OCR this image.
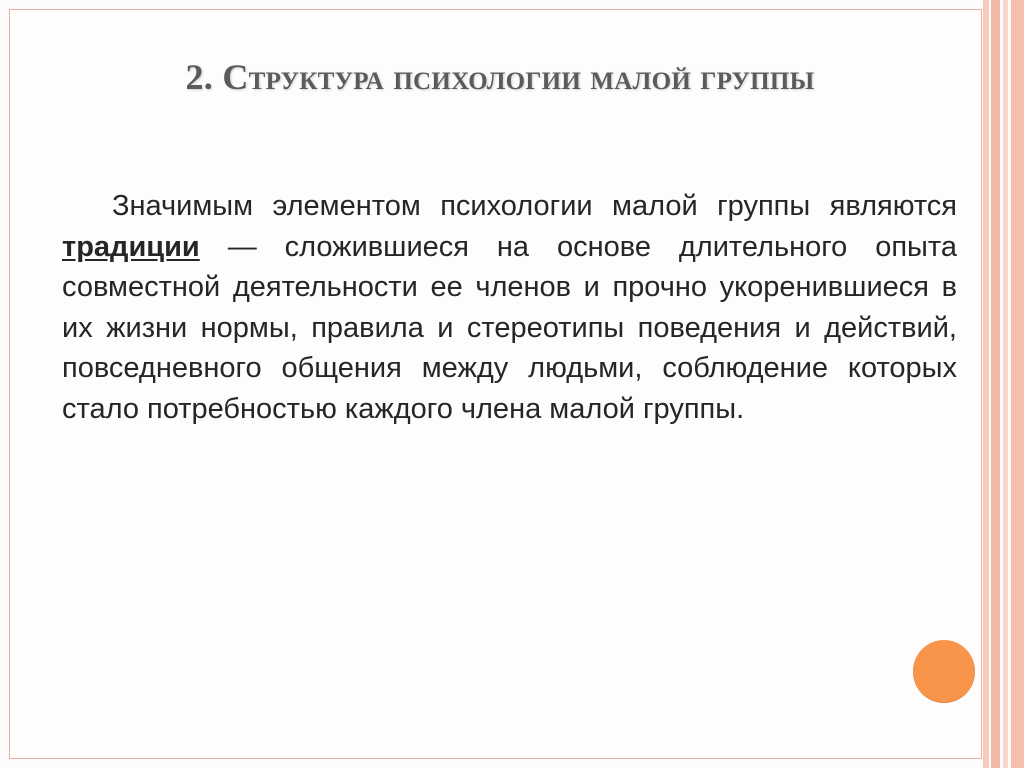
2. Структура психологии малой группы

Значимым элементом психологии малой группы являются традиции — сложившиеся на основе длительного опыта совместной деятельности ее членов и прочно укоренившиеся в их жизни нормы, правила и стереотипы поведения и действий, повседневного общения между людьми, соблюдение которых стало потребностью каждого члена малой группы.
